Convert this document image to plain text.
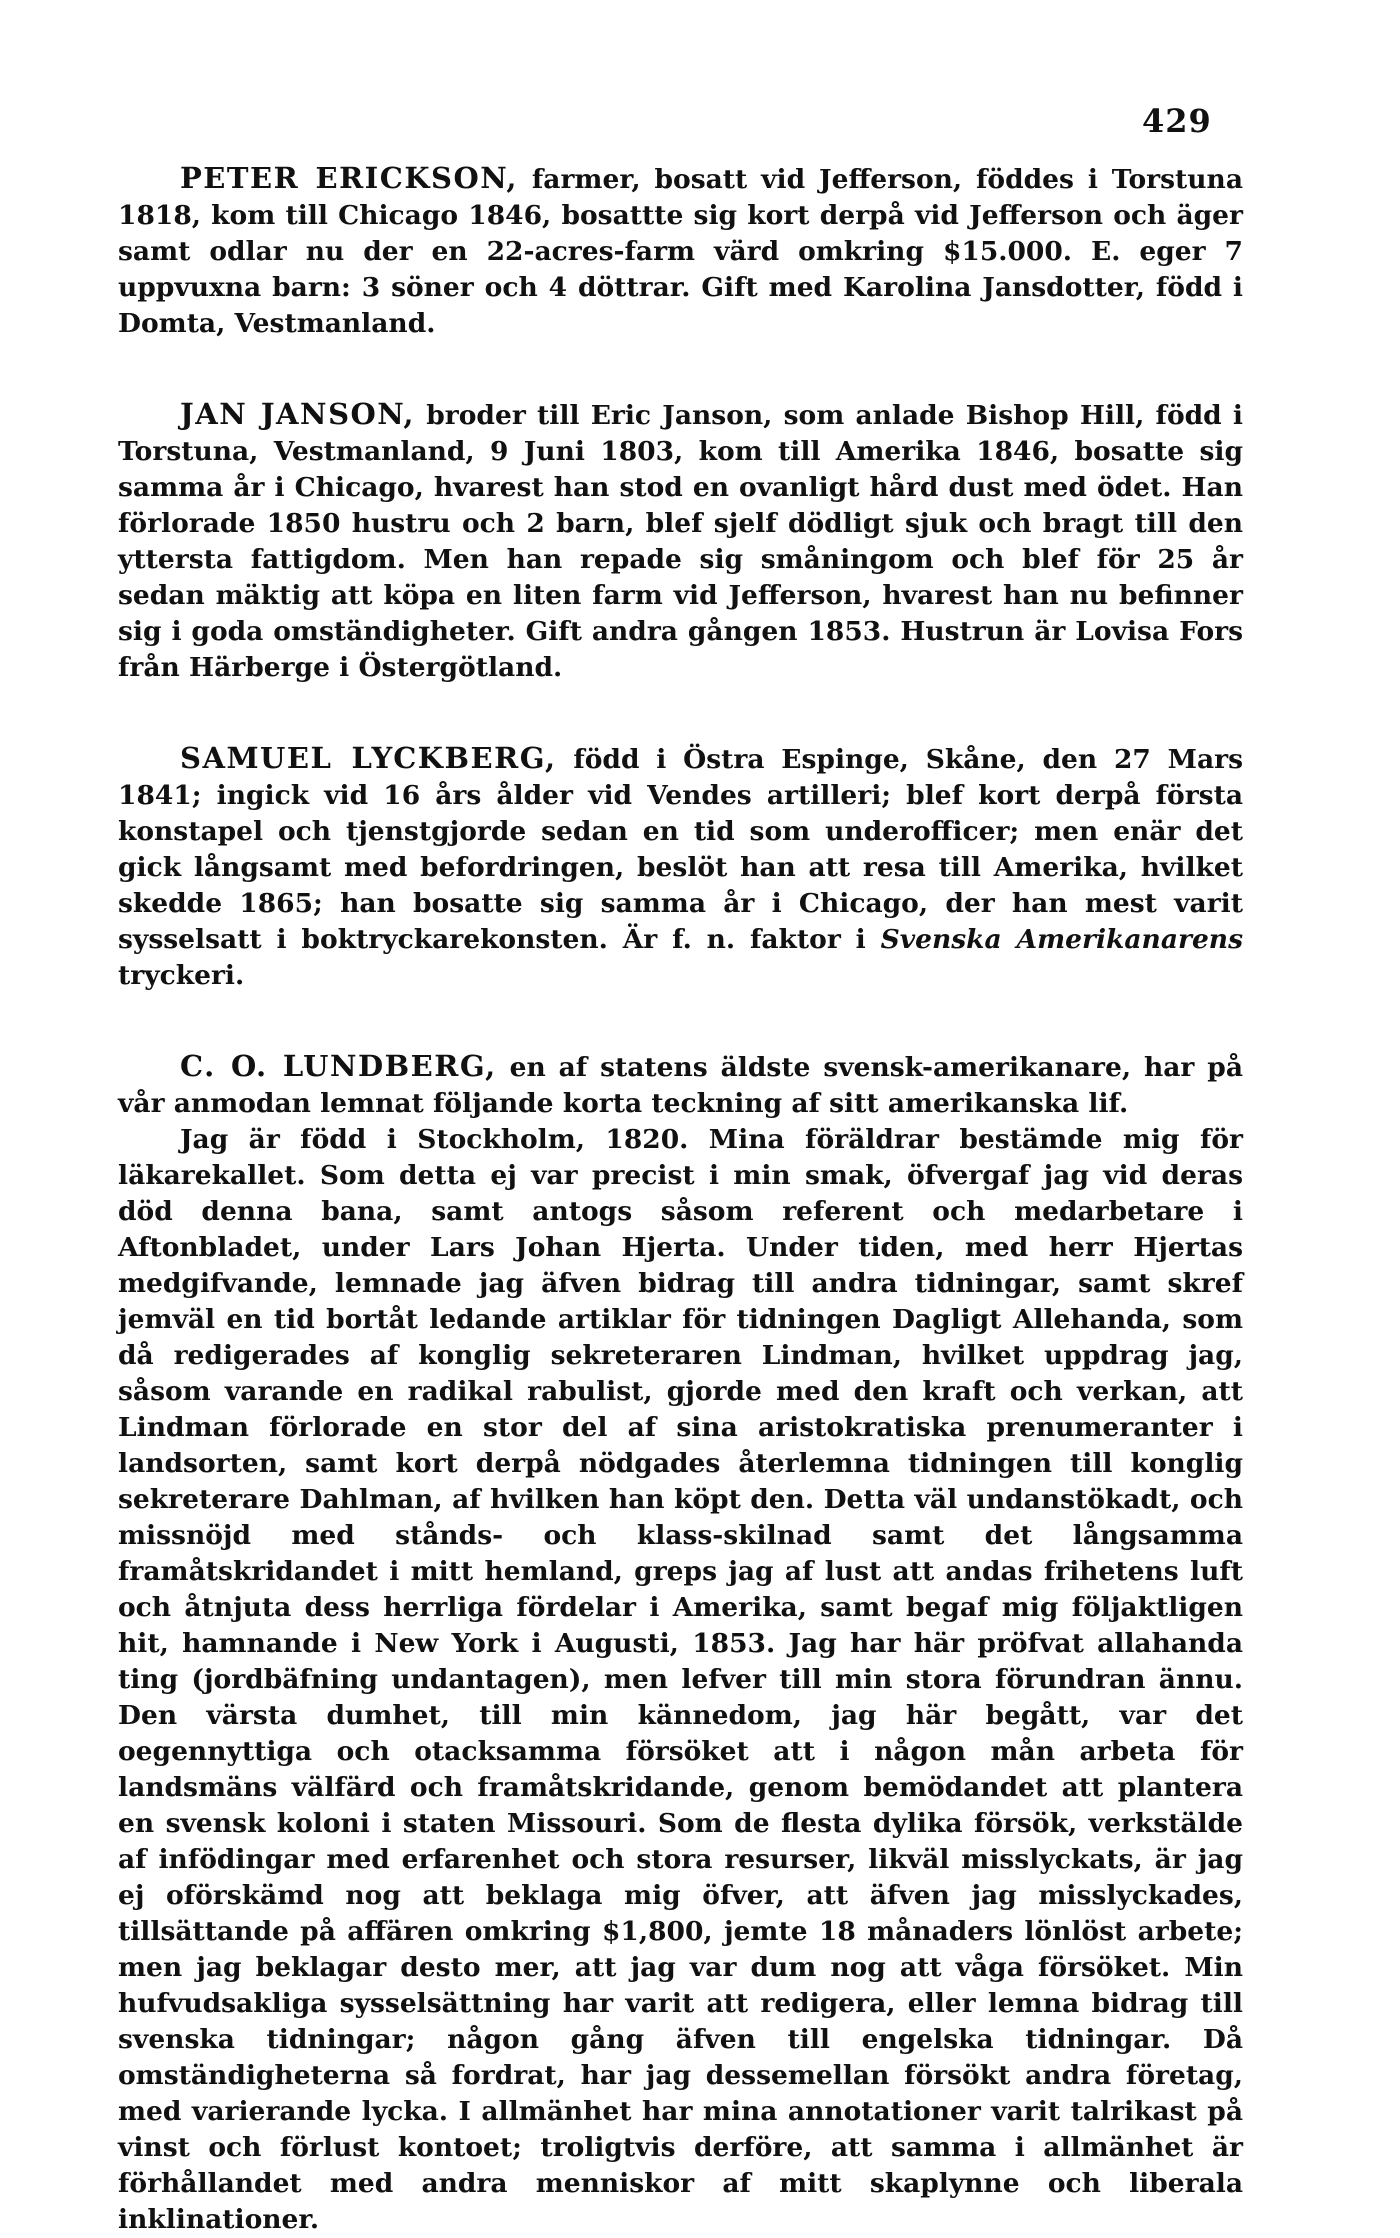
429

PETER ERICKSON, farmer, bosatt vid Jefferson, föddes i Torstuna 1818, kom till Chicago 1846, bosattte sig kort derpå vid Jefferson och äger samt odlar nu der en 22-acres-farm värd omkring $15.000. E. eger 7 uppvuxna barn: 3 söner och 4 döttrar. Gift med Karolina Jansdotter, född i Domta, Vestmanland.

JAN JANSON, broder till Eric Janson, som anlade Bishop Hill, född i Torstuna, Vestmanland, 9 Juni 1803, kom till Amerika 1846, bosatte sig samma år i Chicago, hvarest han stod en ovanligt hård dust med ödet. Han förlorade 1850 hustru och 2 barn, blef sjelf dödligt sjuk och bragt till den yttersta fattigdom. Men han repade sig småningom och blef för 25 år sedan mäktig att köpa en liten farm vid Jefferson, hvarest han nu befinner sig i goda omständigheter. Gift andra gången 1853. Hustrun är Lovisa Fors från Härberge i Östergötland.

SAMUEL LYCKBERG, född i Östra Espinge, Skåne, den 27 Mars 1841; ingick vid 16 års ålder vid Vendes artilleri; blef kort derpå första konstapel och tjenstgjorde sedan en tid som underofficer; men enär det gick långsamt med befordringen, beslöt han att resa till Amerika, hvilket skedde 1865; han bosatte sig samma år i Chicago, der han mest varit sysselsatt i boktryckarekonsten. Är f. n. faktor i Svenska Amerikanarens tryckeri.

C. O. LUNDBERG, en af statens äldste svensk-amerikanare, har på vår anmodan lemnat följande korta teckning af sitt amerikanska lif.

Jag är född i Stockholm, 1820. Mina föräldrar bestämde mig för läkarekallet. Som detta ej var precist i min smak, öfvergaf jag vid deras död denna bana, samt antogs såsom referent och medarbetare i Aftonbladet, under Lars Johan Hjerta. Under tiden, med herr Hjertas medgifvande, lemnade jag äfven bidrag till andra tidningar, samt skref jemväl en tid bortåt ledande artiklar för tidningen Dagligt Allehanda, som då redigerades af konglig sekreteraren Lindman, hvilket uppdrag jag, såsom varande en radikal rabulist, gjorde med den kraft och verkan, att Lindman förlorade en stor del af sina aristokratiska prenumeranter i landsorten, samt kort derpå nödgades återlemna tidningen till konglig sekreterare Dahlman, af hvilken han köpt den. Detta väl undanstökadt, och missnöjd med stånds- och klass-skilnad samt det långsamma framåtskridandet i mitt hemland, greps jag af lust att andas frihetens luft och åtnjuta dess herrliga fördelar i Amerika, samt begaf mig följaktligen hit, hamnande i New York i Augusti, 1853. Jag har här pröfvat allahanda ting (jordbäfning undantagen), men lefver till min stora förundran ännu. Den värsta dumhet, till min kännedom, jag här begått, var det oegennyttiga och otacksamma försöket att i någon mån arbeta för landsmäns välfärd och framåtskridande, genom bemödandet att plantera en svensk koloni i staten Missouri. Som de flesta dylika försök, verkstälde af infödingar med erfarenhet och stora resurser, likväl misslyckats, är jag ej oförskämd nog att beklaga mig öfver, att äfven jag misslyckades, tillsättande på affären omkring $1,800, jemte 18 månaders lönlöst arbete; men jag beklagar desto mer, att jag var dum nog att våga försöket. Min hufvudsakliga sysselsättning har varit att redigera, eller lemna bidrag till svenska tidningar; någon gång äfven till engelska tidningar. Då omständigheterna så fordrat, har jag dessemellan försökt andra företag, med varierande lycka. I allmänhet har mina annotationer varit talrikast på vinst och förlust kontoet; troligtvis derföre, att samma i allmänhet är förhållandet med andra menniskor af mitt skaplynne och liberala inklinationer.
